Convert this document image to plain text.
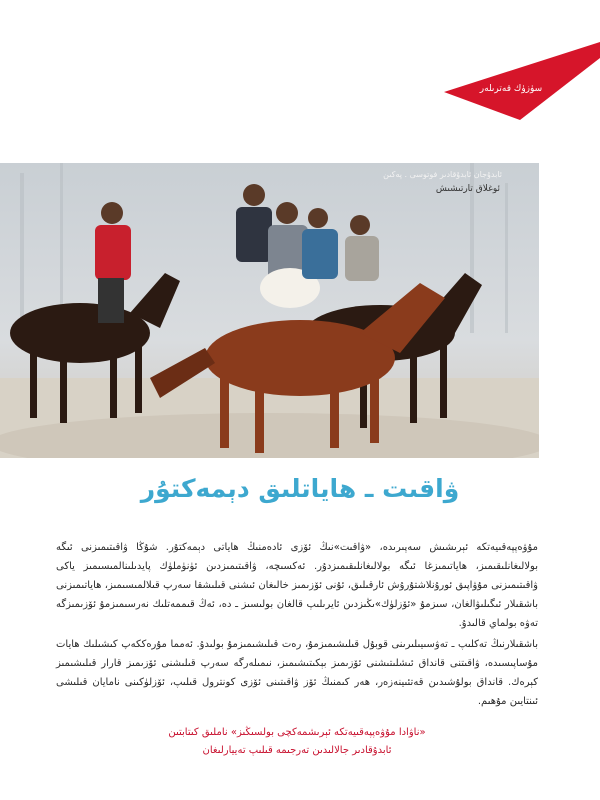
سۈزۈك قەترىلەر
ئابدۇجان ئابدۇقادىر فوتوسى . پەكىن
ئوغلاق تارتىشىش
ۋاقىت ـ ھاياتلىق دېمەكتۇر

مۇۋەپپەقىيەتكە ئېرىشىش سەپىرىدە، «ۋاقىت»نىڭ ئۆزى ئادەمنىڭ ھاياتى دېمەكتۇر. شۇڭا ۋاقىتىمىزنى ئىگە بولالىغانلىقىمىز، ھاياتىمىزغا ئىگە بولالىغانلىقىمىزدۇر. ئەكسىچە، ۋاقىتىمىزدىن ئۈنۈملۈك پايدىلىنالمىسىمىز ياكى ۋاقىتىمىزنى مۇۋاپىق ئورۇنلاشتۇرۇش ئارقىلىق، ئۇنى ئۆزىمىز خالىغان ئىشنى قىلىشقا سەرپ قىلالمىسىمىز، ھاياتىمىزنى باشقىلار ئىگىلىۋالغان، سىزمۇ «ئۆزلۈك»ىڭىزدىن ئايرىلىپ قالغان بولىسىز ـ دە، ئەڭ قىممەتلىك نەرسىمىزمۇ ئۆزىمىزگە تەۋە بولماي قالىدۇ.

باشقىلارنىڭ تەكلىپ ـ تەۋسىيىلىرىنى قوبۇل قىلىشىمىزمۇ، رەت قىلىشىمىزمۇ بولىدۇ. ئەمما مۇرەككەپ كىشىلىك ھايات مۇساپىسىدە، ۋاقىتنى قانداق ئىشلىتىشنى ئۆزىمىز بېكىتىشىمىز، نىمىلەرگە سەرپ قىلىشنى ئۆزىمىز قارار قىلىشىمىز كېرەك. قانداق بولۇشىدىن قەتئىينەزەر، ھەر كىمنىڭ ئۆز ۋاقىتىنى ئۆزى كونترول قىلىپ، ئۆزلۈكىنى نامايان قىلىشى ئىنتايىن مۇھىم.

«ناۋادا مۇۋەپپەقىيەتكە ئېرىشمەكچى بولسىڭىز» ناملىق كىتابتىن
ئابدۇقادىر جالالىدىن تەرجىمە قىلىپ تەييارلىغان
